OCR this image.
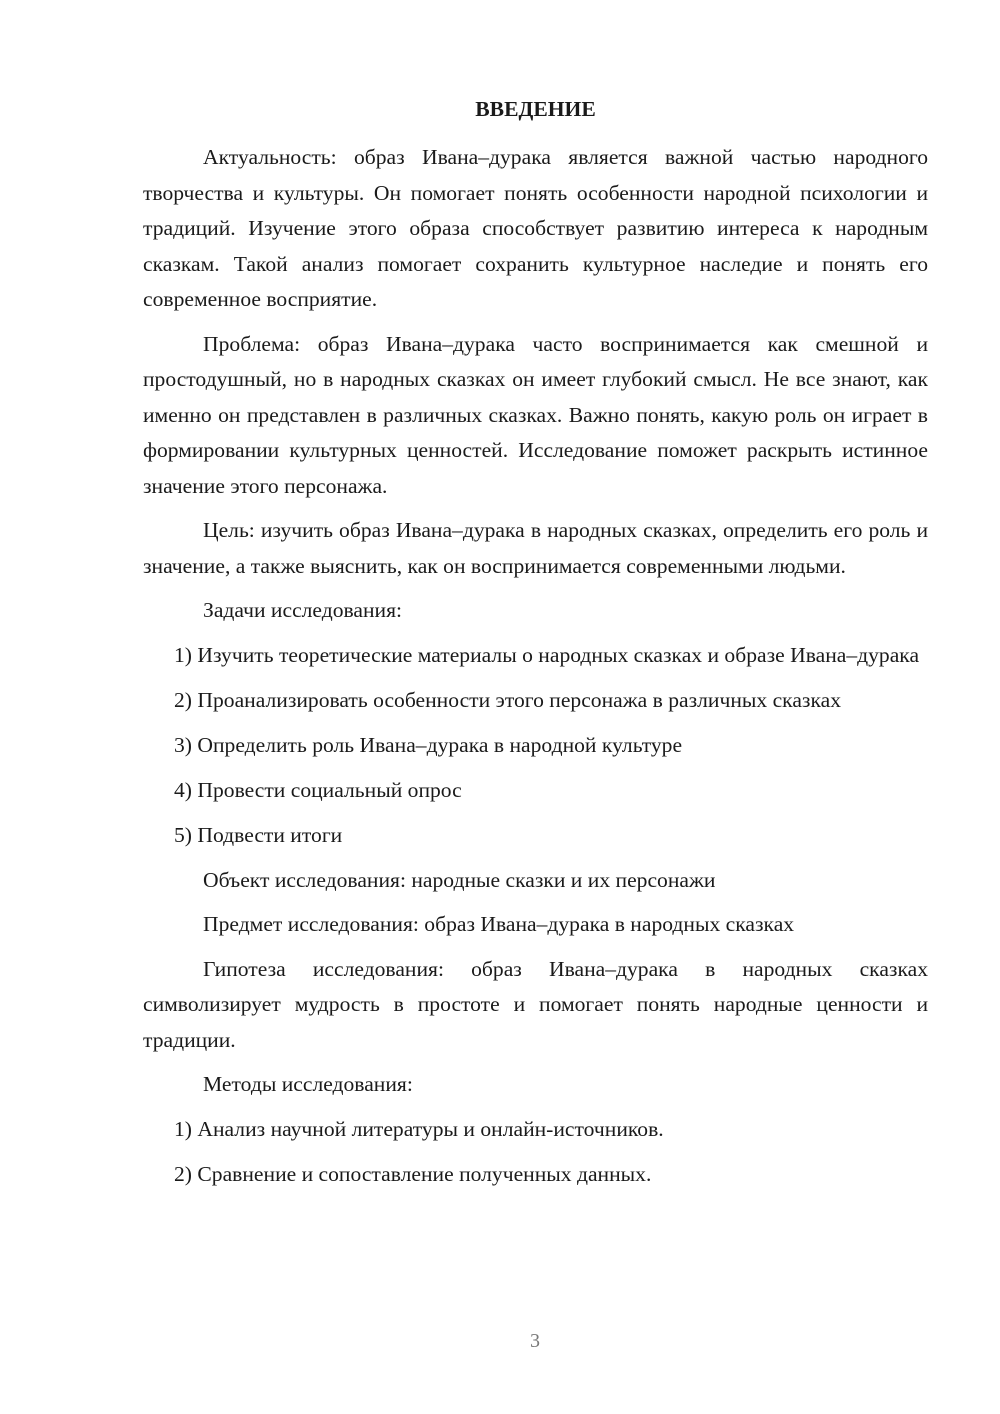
ВВЕДЕНИЕ

Актуальность: образ Ивана–дурака является важной частью народного творчества и культуры. Он помогает понять особенности народной психологии и традиций. Изучение этого образа способствует развитию интереса к народным сказкам. Такой анализ помогает сохранить культурное наследие и понять его современное восприятие.

Проблема: образ Ивана–дурака часто воспринимается как смешной и простодушный, но в народных сказках он имеет глубокий смысл. Не все знают, как именно он представлен в различных сказках. Важно понять, какую роль он играет в формировании культурных ценностей. Исследование поможет раскрыть истинное значение этого персонажа.

Цель: изучить образ Ивана–дурака в народных сказках, определить его роль и значение, а также выяснить, как он воспринимается современными людьми.

Задачи исследования:

1) Изучить теоретические материалы о народных сказках и образе Ивана–дурака

2) Проанализировать особенности этого персонажа в различных сказках

3) Определить роль Ивана–дурака в народной культуре

4) Провести социальный опрос

5) Подвести итоги

Объект исследования: народные сказки и их персонажи

Предмет исследования: образ Ивана–дурака в народных сказках

Гипотеза исследования: образ Ивана–дурака в народных сказках символизирует мудрость в простоте и помогает понять народные ценности и традиции.

Методы исследования:

1) Анализ научной литературы и онлайн-источников.

2) Сравнение и сопоставление полученных данных.

3
